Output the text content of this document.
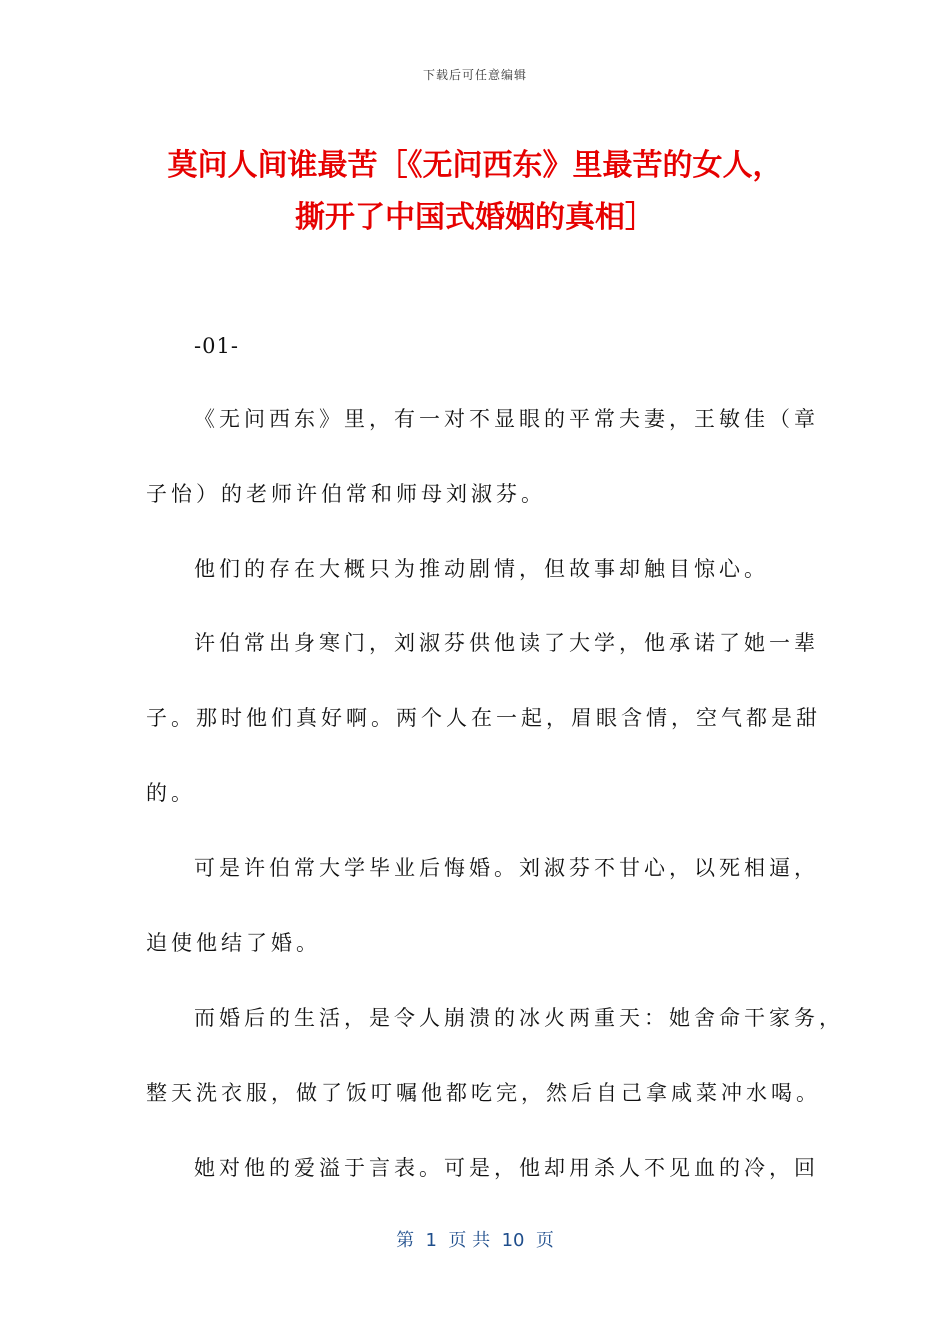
下载后可任意编辑
莫问人间谁最苦［《无问西东》里最苦的女人，
撕开了中国式婚姻的真相］

-01-

《无问西东》里，有一对不显眼的平常夫妻，王敏佳（章
子怡）的老师许伯常和师母刘淑芬。

他们的存在大概只为推动剧情，但故事却触目惊心。

许伯常出身寒门，刘淑芬供他读了大学，他承诺了她一辈
子。那时他们真好啊。两个人在一起，眉眼含情，空气都是甜
的。

可是许伯常大学毕业后悔婚。刘淑芬不甘心，以死相逼，
迫使他结了婚。

而婚后的生活，是令人崩溃的冰火两重天：她舍命干家务，
整天洗衣服，做了饭叮嘱他都吃完，然后自己拿咸菜冲水喝。

她对他的爱溢于言表。可是，他却用杀人不见血的冷，回

第  1  页 共  10  页
